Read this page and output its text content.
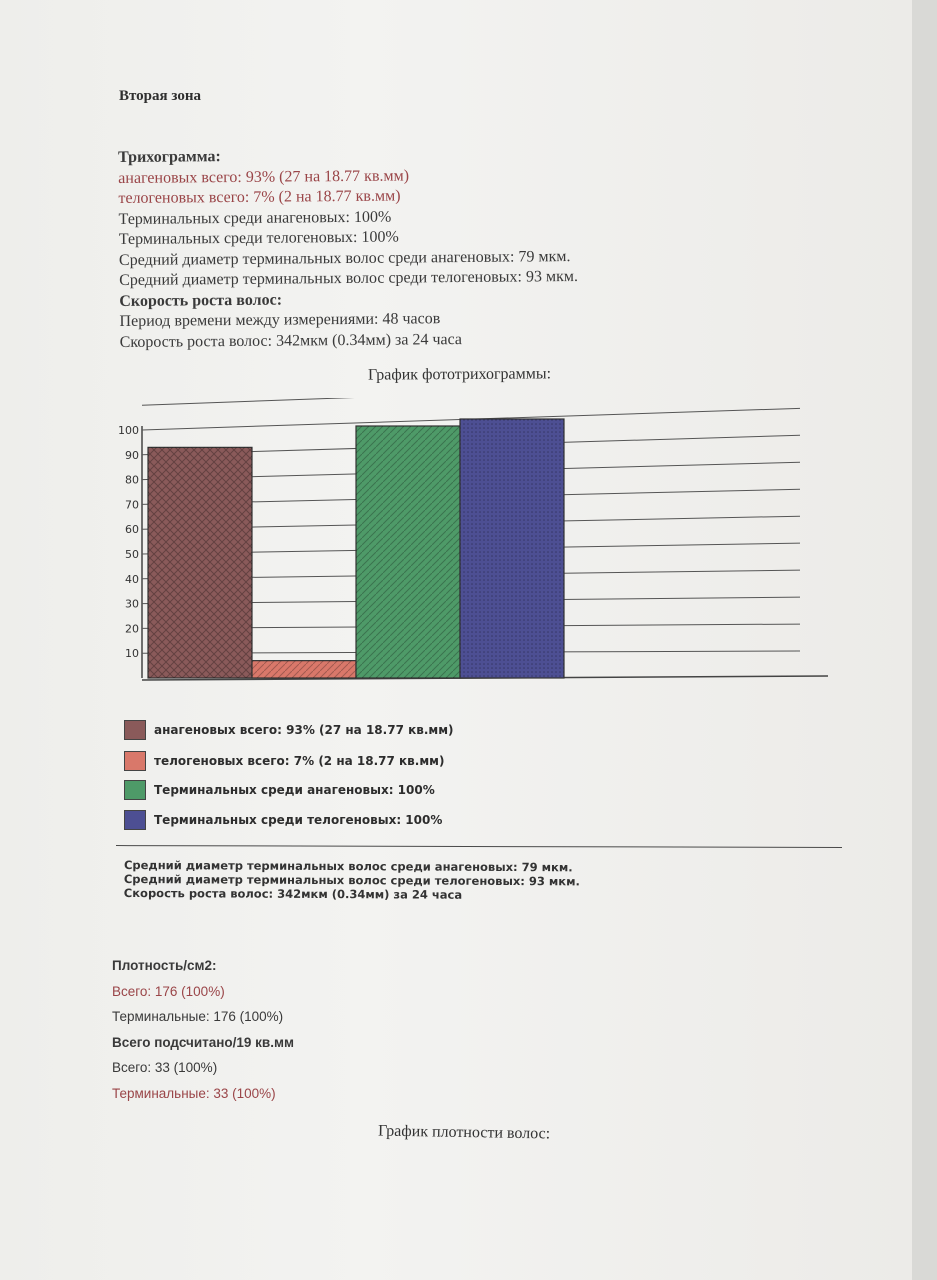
Вторая зона
Трихограмма:
анагеновых всего: 93% (27 на 18.77 кв.мм)
телогеновых всего: 7% (2 на 18.77 кв.мм)
Терминальных среди анагеновых: 100%
Терминальных среди телогеновых: 100%
Средний диаметр терминальных волос среди анагеновых: 79 мкм.
Средний диаметр терминальных волос среди телогеновых: 93 мкм.
Скорость роста волос:
Период времени между измерениями: 48 часов
Скорость роста волос: 342мкм (0.34мм) за 24 часа
График фототрихограммы:
10
20
30
40
50
60
70
80
90
100
анагеновых всего: 93% (27 на 18.77 кв.мм)
телогеновых всего: 7% (2 на 18.77 кв.мм)
Терминальных среди анагеновых: 100%
Терминальных среди телогеновых: 100%
Средний диаметр терминальных волос среди анагеновых: 79 мкм.
Средний диаметр терминальных волос среди телогеновых: 93 мкм.
Скорость роста волос: 342мкм (0.34мм) за 24 часа
Плотность/см2:
Всего: 176 (100%)
Терминальные: 176 (100%)
Всего подсчитано/19 кв.мм
Всего: 33 (100%)
Терминальные: 33 (100%)
График плотности волос:
